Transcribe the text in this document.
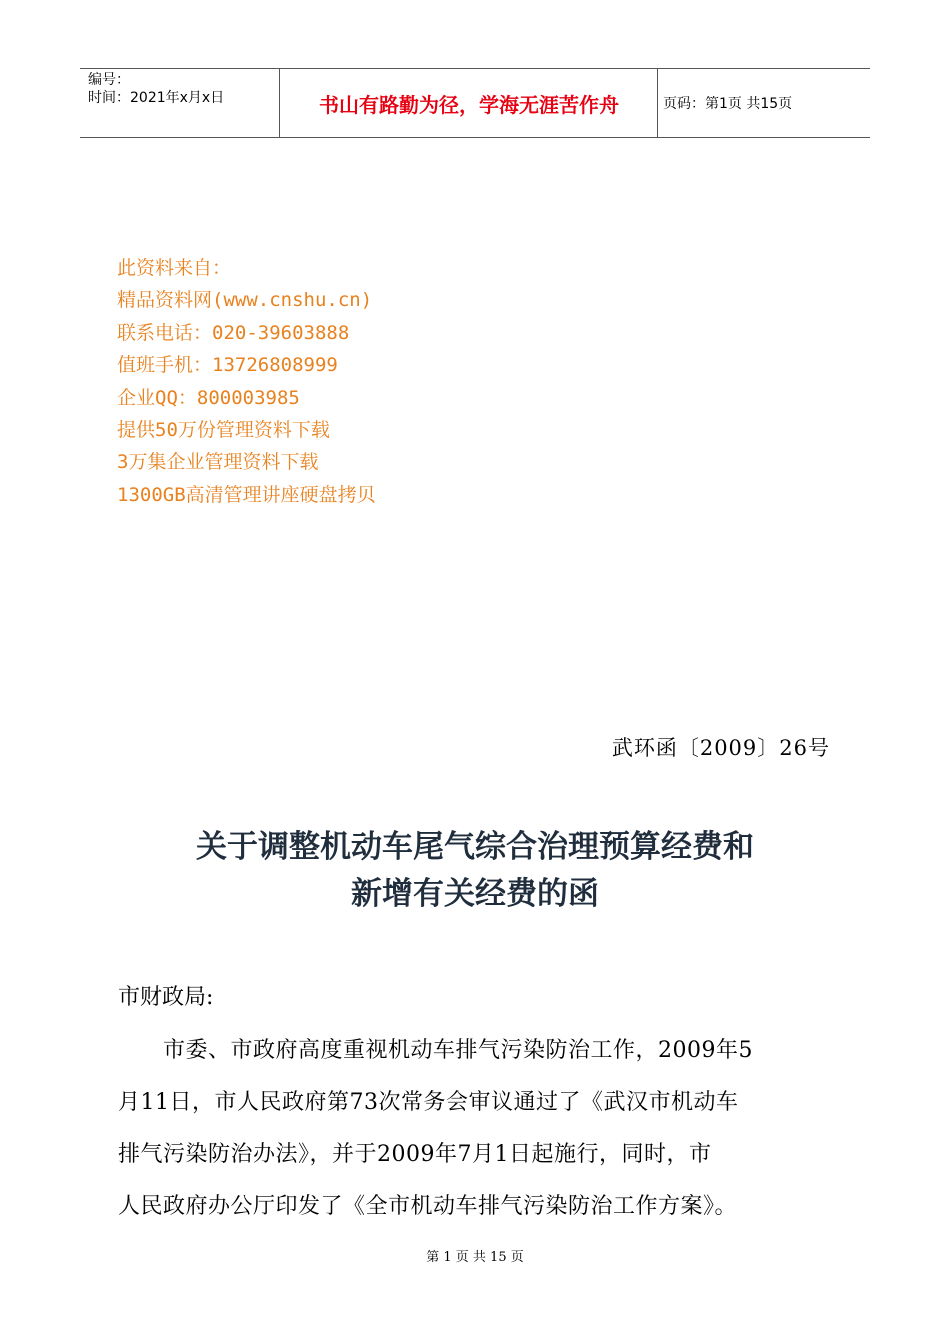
编号：
时间：2021年x月x日	书山有路勤为径，学海无涯苦作舟	页码：第1页 共15页
此资料来自：
精品资料网(www.cnshu.cn)
联系电话：020-39603888
值班手机：13726808999
企业QQ：800003985
提供50万份管理资料下载
3万集企业管理资料下载
1300GB高清管理讲座硬盘拷贝
武环函〔2009〕26号
关于调整机动车尾气综合治理预算经费和
新增有关经费的函
市财政局:
　　市委、市政府高度重视机动车排气污染防治工作，2009年5
月11日，市人民政府第73次常务会审议通过了《武汉市机动车
排气污染防治办法》，并于2009年7月1日起施行，同时，市
人民政府办公厅印发了《全市机动车排气污染防治工作方案》。
第 1 页 共 15 页
